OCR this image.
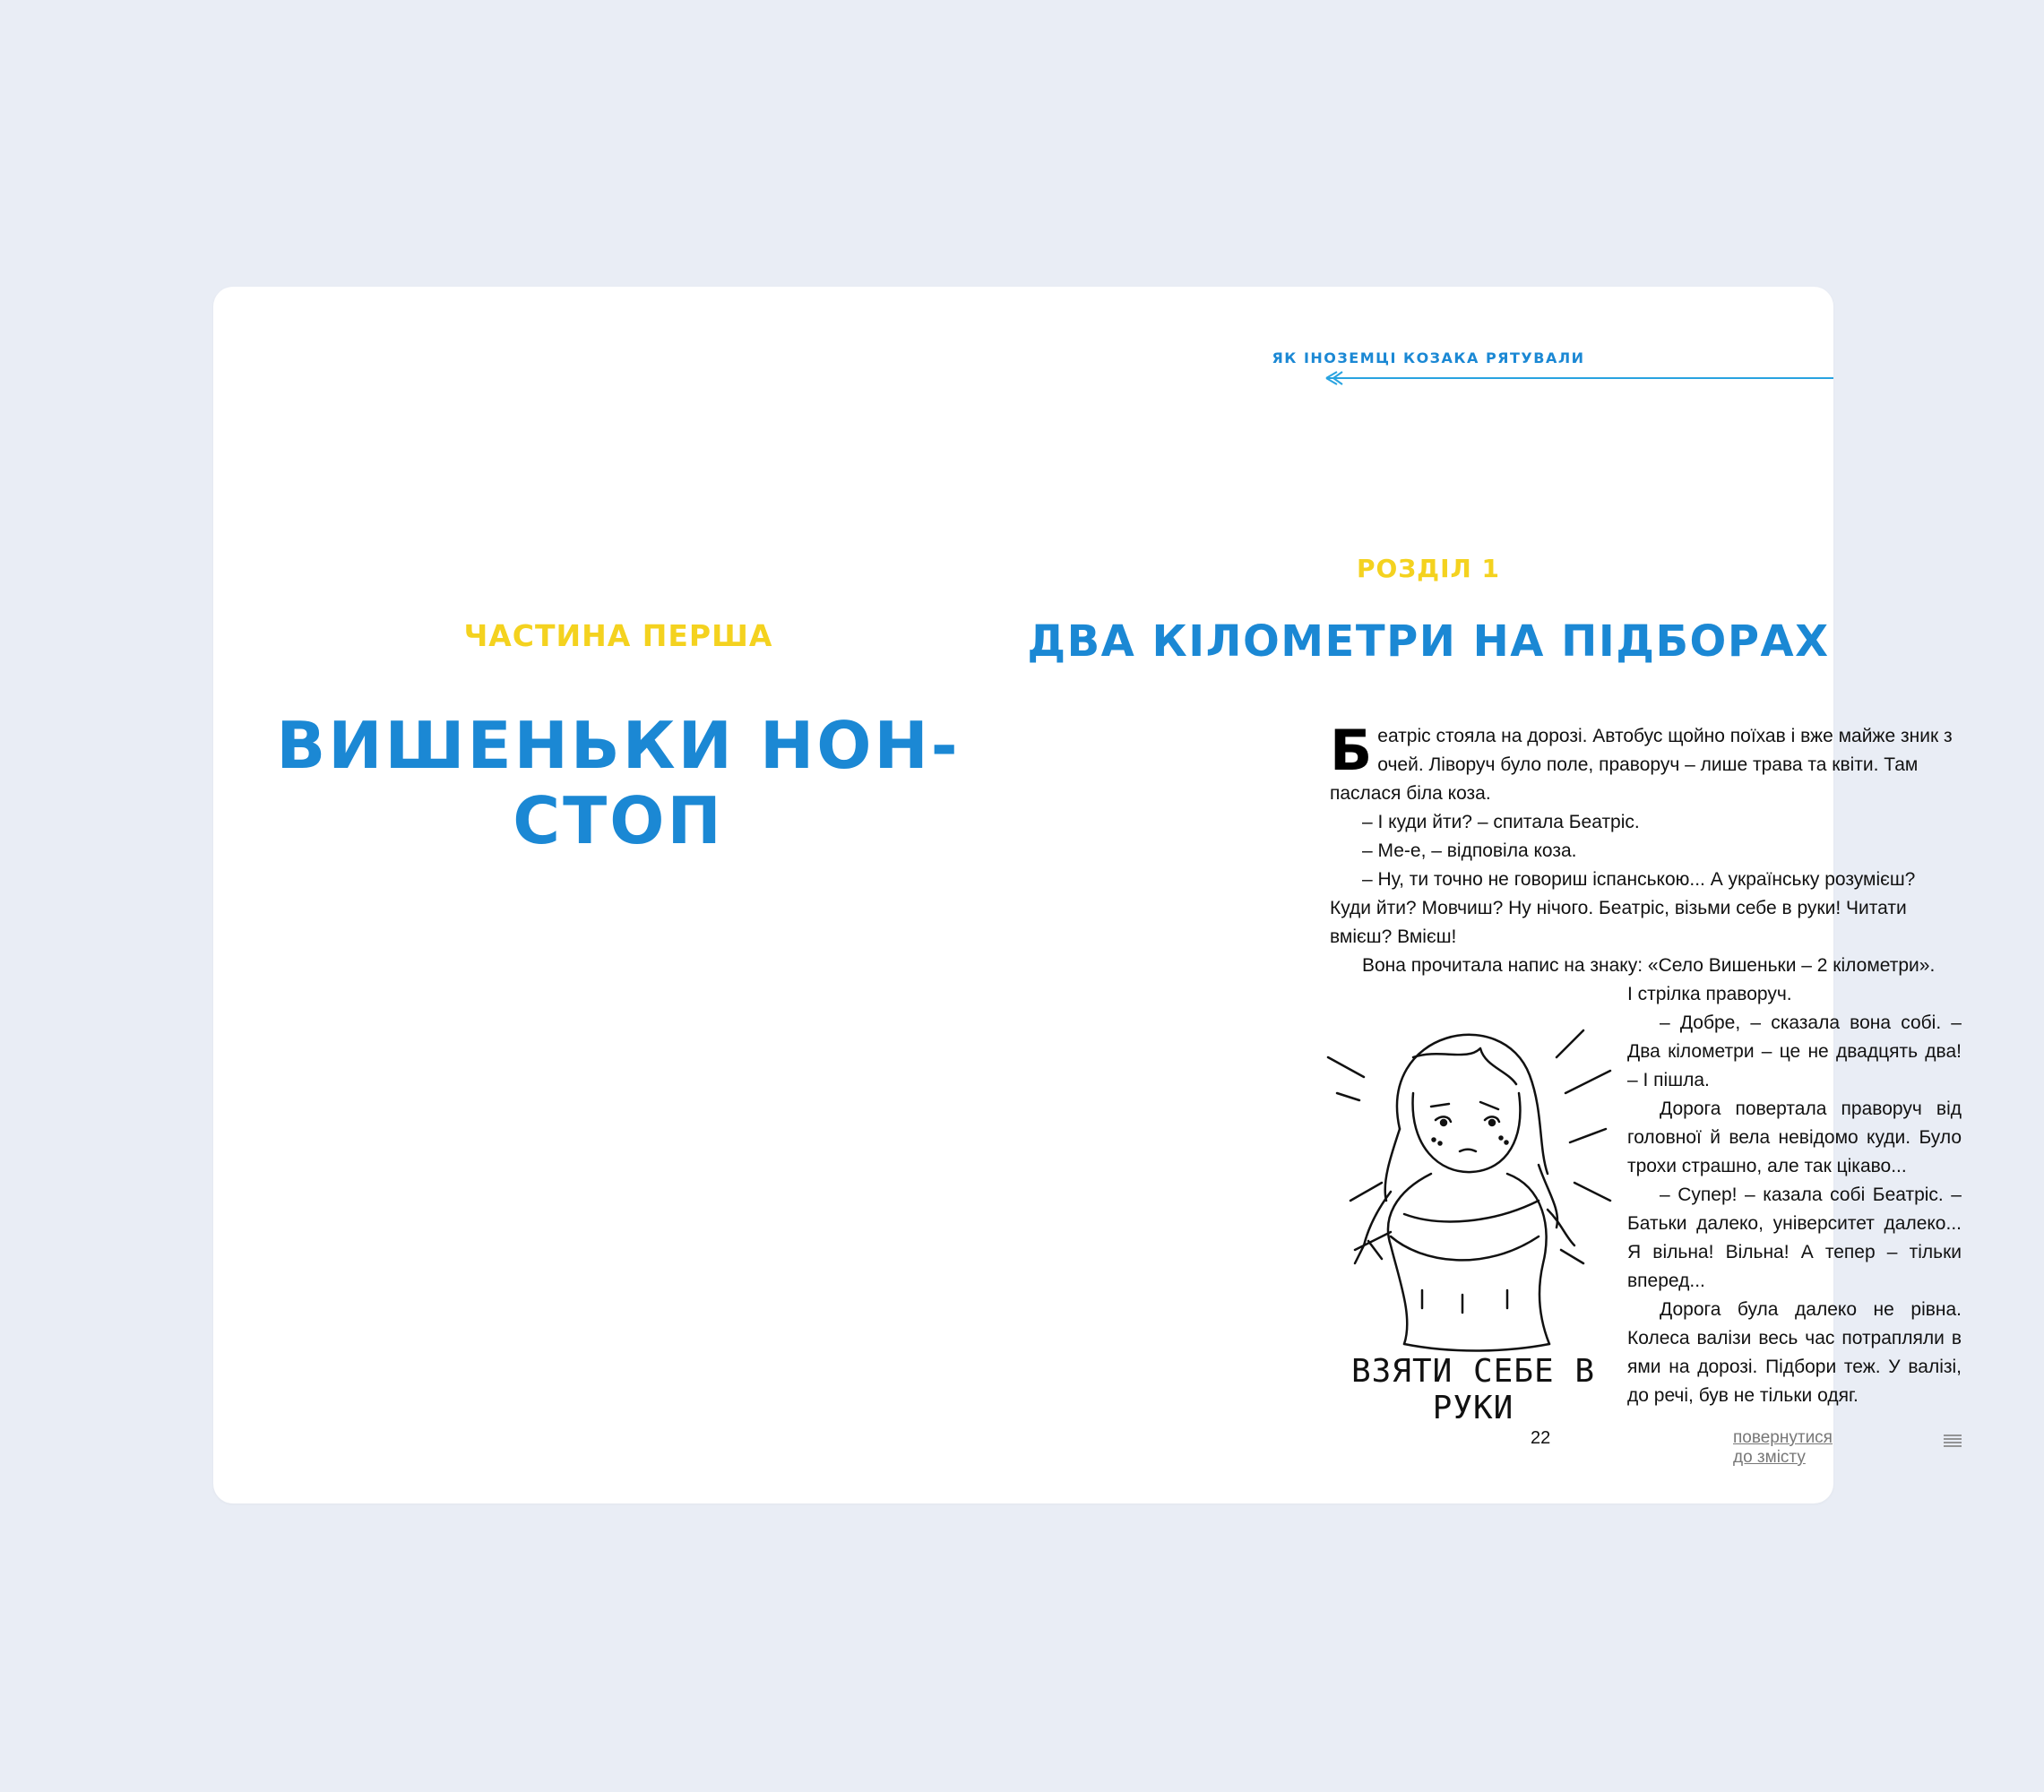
ЧАСТИНА ПЕРША
ВИШЕНЬКИ НОН-СТОП
ЯК ІНОЗЕМЦІ КОЗАКА РЯТУВАЛИ
РОЗДІЛ 1
ДВА КІЛОМЕТРИ НА ПІДБОРАХ

Беатріс стояла на дорозі. Автобус щойно поїхав і вже майже зник з очей. Ліворуч було поле, праворуч – лише трава та квіти. Там паслася біла коза.

– І куди йти? – спитала Беатріс.

– Ме-е, – відповіла коза.

– Ну, ти точно не говориш іспанською... А українську розумієш? Куди йти? Мовчиш? Ну нічого. Беатріс, візьми себе в руки! Читати вмієш? Вмієш!

Вона прочитала напис на знаку: «Село Вишеньки – 2 кілометри».

І стрілка праворуч.

– Добре, – сказала вона собі. – Два кілометри – це не двадцять два! – І пішла.

Дорога повертала праворуч від головної й вела невідомо куди. Було трохи страшно, але так цікаво...

– Супер! – казала собі Беатріс. – Батьки далеко, університет далеко... Я вільна! Вільна! А тепер – тільки вперед...

Дорога була далеко не рівна. Колеса валізи весь час потрапляли в ями на дорозі. Підбори теж. У валізі, до речі, був не тільки одяг.

ВЗЯТИ СЕБЕ В РУКИ
22	повернутися до змісту
